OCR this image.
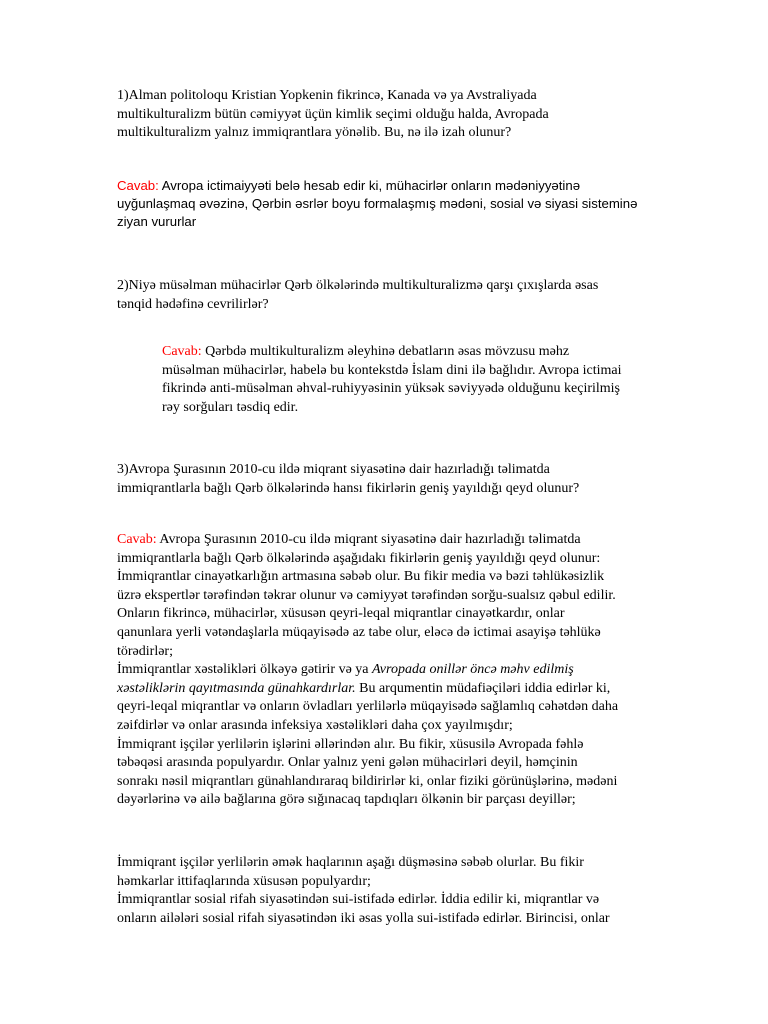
1)Alman politoloqu Kristian Yopkenin fikrincə, Kanada və ya Avstraliyada
multikulturalizm bütün cəmiyyət üçün kimlik seçimi olduğu halda, Avropada
multikulturalizm yalnız immiqrantlara yönəlib. Bu, nə ilə izah olunur?
Cavab: Avropa ictimaiyyəti belə hesab edir ki, mühacirlər onların mədəniyyətinə
uyğunlaşmaq əvəzinə, Qərbin əsrlər boyu formalaşmış mədəni, sosial və siyasi sisteminə
ziyan vururlar
2)Niyə müsəlman mühacirlər Qərb ölkələrində multikulturalizmə qarşı çıxışlarda əsas
tənqid hədəfinə cevrilirlər?
Cavab: Qərbdə multikulturalizm əleyhinə debatların əsas mövzusu məhz
müsəlman mühacirlər, habelə bu kontekstdə İslam dini ilə bağlıdır. Avropa ictimai
fikrində anti-müsəlman əhval-ruhiyyəsinin yüksək səviyyədə olduğunu keçirilmiş
rəy sorğuları təsdiq edir.
3)Avropa Şurasının 2010-cu ildə miqrant siyasətinə dair hazırladığı təlimatda
immiqrantlarla bağlı Qərb ölkələrində hansı fikirlərin geniş yayıldığı qeyd olunur?
Cavab: Avropa Şurasının 2010-cu ildə miqrant siyasətinə dair hazırladığı təlimatda
immiqrantlarla bağlı Qərb ölkələrində aşağıdakı fikirlərin geniş yayıldığı qeyd olunur:
İmmiqrantlar cinayətkarlığın artmasına səbəb olur. Bu fikir media və bəzi təhlükəsizlik
üzrə ekspertlər tərəfindən təkrar olunur və cəmiyyət tərəfindən sorğu-sualsız qəbul edilir.
Onların fikrincə, mühacirlər, xüsusən qeyri-leqal miqrantlar cinayətkardır, onlar
qanunlara yerli vətəndaşlarla müqayisədə az tabe olur, eləcə də ictimai asayişə təhlükə
törədirlər;
İmmiqrantlar xəstəlikləri ölkəyə gətirir və ya Avropada onillər öncə məhv edilmiş
xəstəliklərin qayıtmasında günahkardırlar. Bu arqumentin müdafiəçiləri iddia edirlər ki,
qeyri-leqal miqrantlar və onların övladları yerlilərlə müqayisədə sağlamlıq cəhətdən daha
zəifdirlər və onlar arasında infeksiya xəstəlikləri daha çox yayılmışdır;
İmmiqrant işçilər yerlilərin işlərini əllərindən alır. Bu fikir, xüsusilə Avropada fəhlə
təbəqəsi arasında populyardır. Onlar yalnız yeni gələn mühacirləri deyil, həmçinin
sonrakı nəsil miqrantları günahlandıraraq bildirirlər ki, onlar fiziki görünüşlərinə, mədəni
dəyərlərinə və ailə bağlarına görə sığınacaq tapdıqları ölkənin bir parçası deyillər;
İmmiqrant işçilər yerlilərin əmək haqlarının aşağı düşməsinə səbəb olurlar. Bu fikir
həmkarlar ittifaqlarında xüsusən populyardır;
İmmiqrantlar sosial rifah siyasətindən sui-istifadə edirlər. İddia edilir ki, miqrantlar və
onların ailələri sosial rifah siyasətindən iki əsas yolla sui-istifadə edirlər. Birincisi, onlar
